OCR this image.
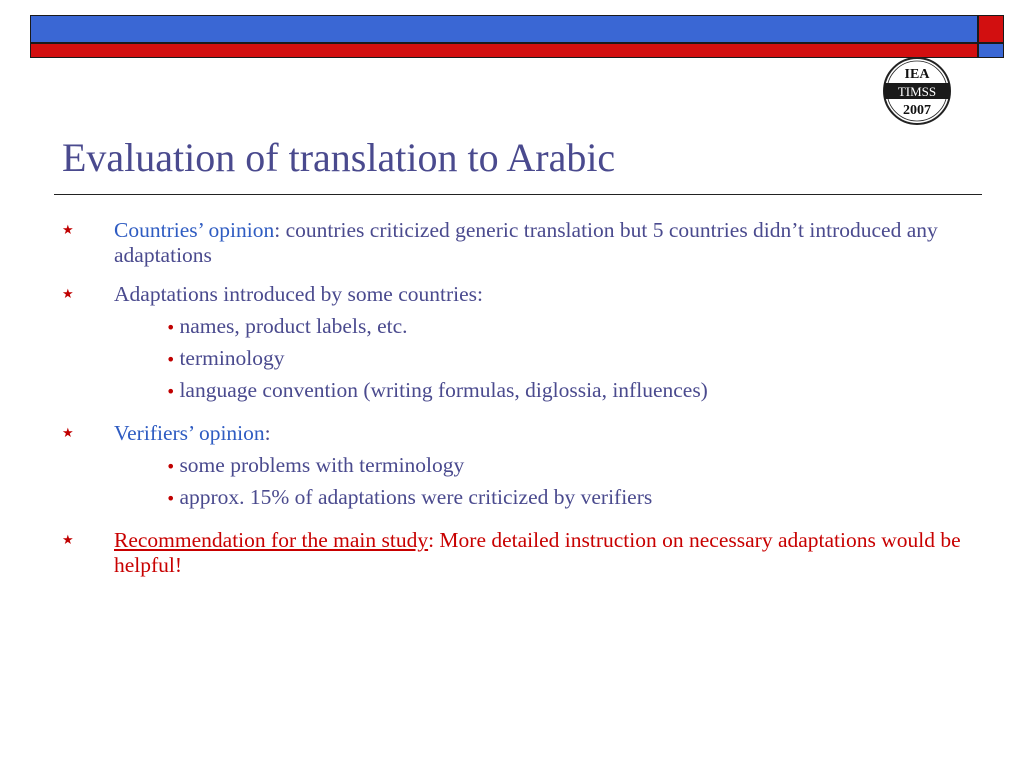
IEA
TIMSS
2007
Evaluation of translation to Arabic
★ Countries’ opinion: countries criticized generic translation but 5 countries didn’t introduced any adaptations
★ Adaptations introduced by some countries:
• names, product labels, etc.
• terminology
• language convention (writing formulas, diglossia, influences)
★ Verifiers’ opinion:
• some problems with terminology
• approx. 15% of adaptations were criticized by verifiers
★ Recommendation for the main study: More detailed instruction on necessary adaptations would be helpful!
